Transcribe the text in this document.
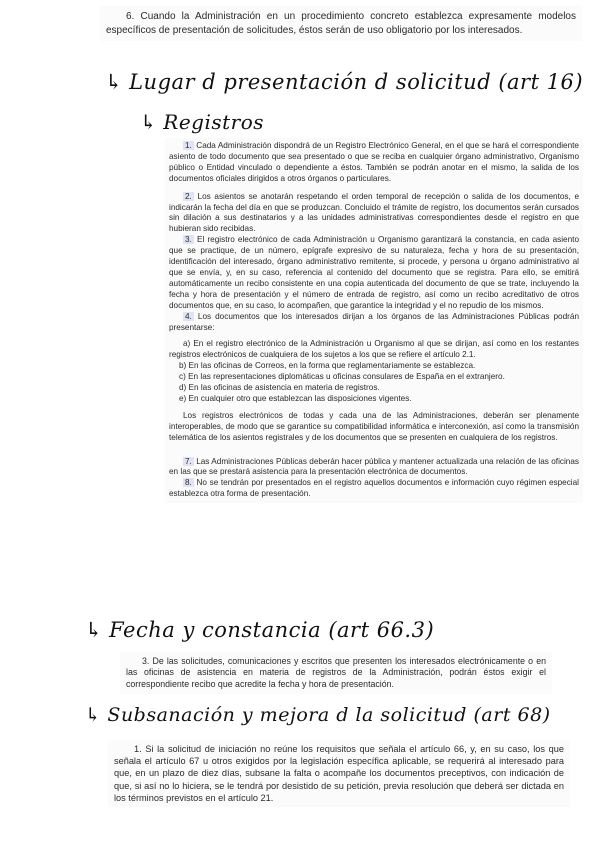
6. Cuando la Administración en un procedimiento concreto establezca expresamente modelos específicos de presentación de solicitudes, éstos serán de uso obligatorio por los interesados.

↳ Lugar d presentación d solicitud (art 16)
↳ Registros

1. Cada Administración dispondrá de un Registro Electrónico General, en el que se hará el correspondiente asiento de todo documento que sea presentado o que se reciba en cualquier órgano administrativo, Organismo público o Entidad vinculado o dependiente a éstos. También se podrán anotar en el mismo, la salida de los documentos oficiales dirigidos a otros órganos o particulares.

2. Los asientos se anotarán respetando el orden temporal de recepción o salida de los documentos, e indicarán la fecha del día en que se produzcan. Concluido el trámite de registro, los documentos serán cursados sin dilación a sus destinatarios y a las unidades administrativas correspondientes desde el registro en que hubieran sido recibidas.

3. El registro electrónico de cada Administración u Organismo garantizará la constancia, en cada asiento que se practique, de un número, epígrafe expresivo de su naturaleza, fecha y hora de su presentación, identificación del interesado, órgano administrativo remitente, si procede, y persona u órgano administrativo al que se envía, y, en su caso, referencia al contenido del documento que se registra. Para ello, se emitirá automáticamente un recibo consistente en una copia autenticada del documento de que se trate, incluyendo la fecha y hora de presentación y el número de entrada de registro, así como un recibo acreditativo de otros documentos que, en su caso, lo acompañen, que garantice la integridad y el no repudio de los mismos.

4. Los documentos que los interesados dirijan a los órganos de las Administraciones Públicas podrán presentarse:

a) En el registro electrónico de la Administración u Organismo al que se dirijan, así como en los restantes registros electrónicos de cualquiera de los sujetos a los que se refiere el artículo 2.1.

b) En las oficinas de Correos, en la forma que reglamentariamente se establezca.

c) En las representaciones diplomáticas u oficinas consulares de España en el extranjero.

d) En las oficinas de asistencia en materia de registros.

e) En cualquier otro que establezcan las disposiciones vigentes.

Los registros electrónicos de todas y cada una de las Administraciones, deberán ser plenamente interoperables, de modo que se garantice su compatibilidad informática e interconexión, así como la transmisión telemática de los asientos registrales y de los documentos que se presenten en cualquiera de los registros.

7. Las Administraciones Públicas deberán hacer pública y mantener actualizada una relación de las oficinas en las que se prestará asistencia para la presentación electrónica de documentos.

8. No se tendrán por presentados en el registro aquellos documentos e información cuyo régimen especial establezca otra forma de presentación.

↳ Fecha y constancia (art 66.3)

3. De las solicitudes, comunicaciones y escritos que presenten los interesados electrónicamente o en las oficinas de asistencia en materia de registros de la Administración, podrán éstos exigir el correspondiente recibo que acredite la fecha y hora de presentación.

↳ Subsanación y mejora d la solicitud (art 68)

1. Si la solicitud de iniciación no reúne los requisitos que señala el artículo 66, y, en su caso, los que señala el artículo 67 u otros exigidos por la legislación específica aplicable, se requerirá al interesado para que, en un plazo de diez días, subsane la falta o acompañe los documentos preceptivos, con indicación de que, si así no lo hiciera, se le tendrá por desistido de su petición, previa resolución que deberá ser dictada en los términos previstos en el artículo 21.
